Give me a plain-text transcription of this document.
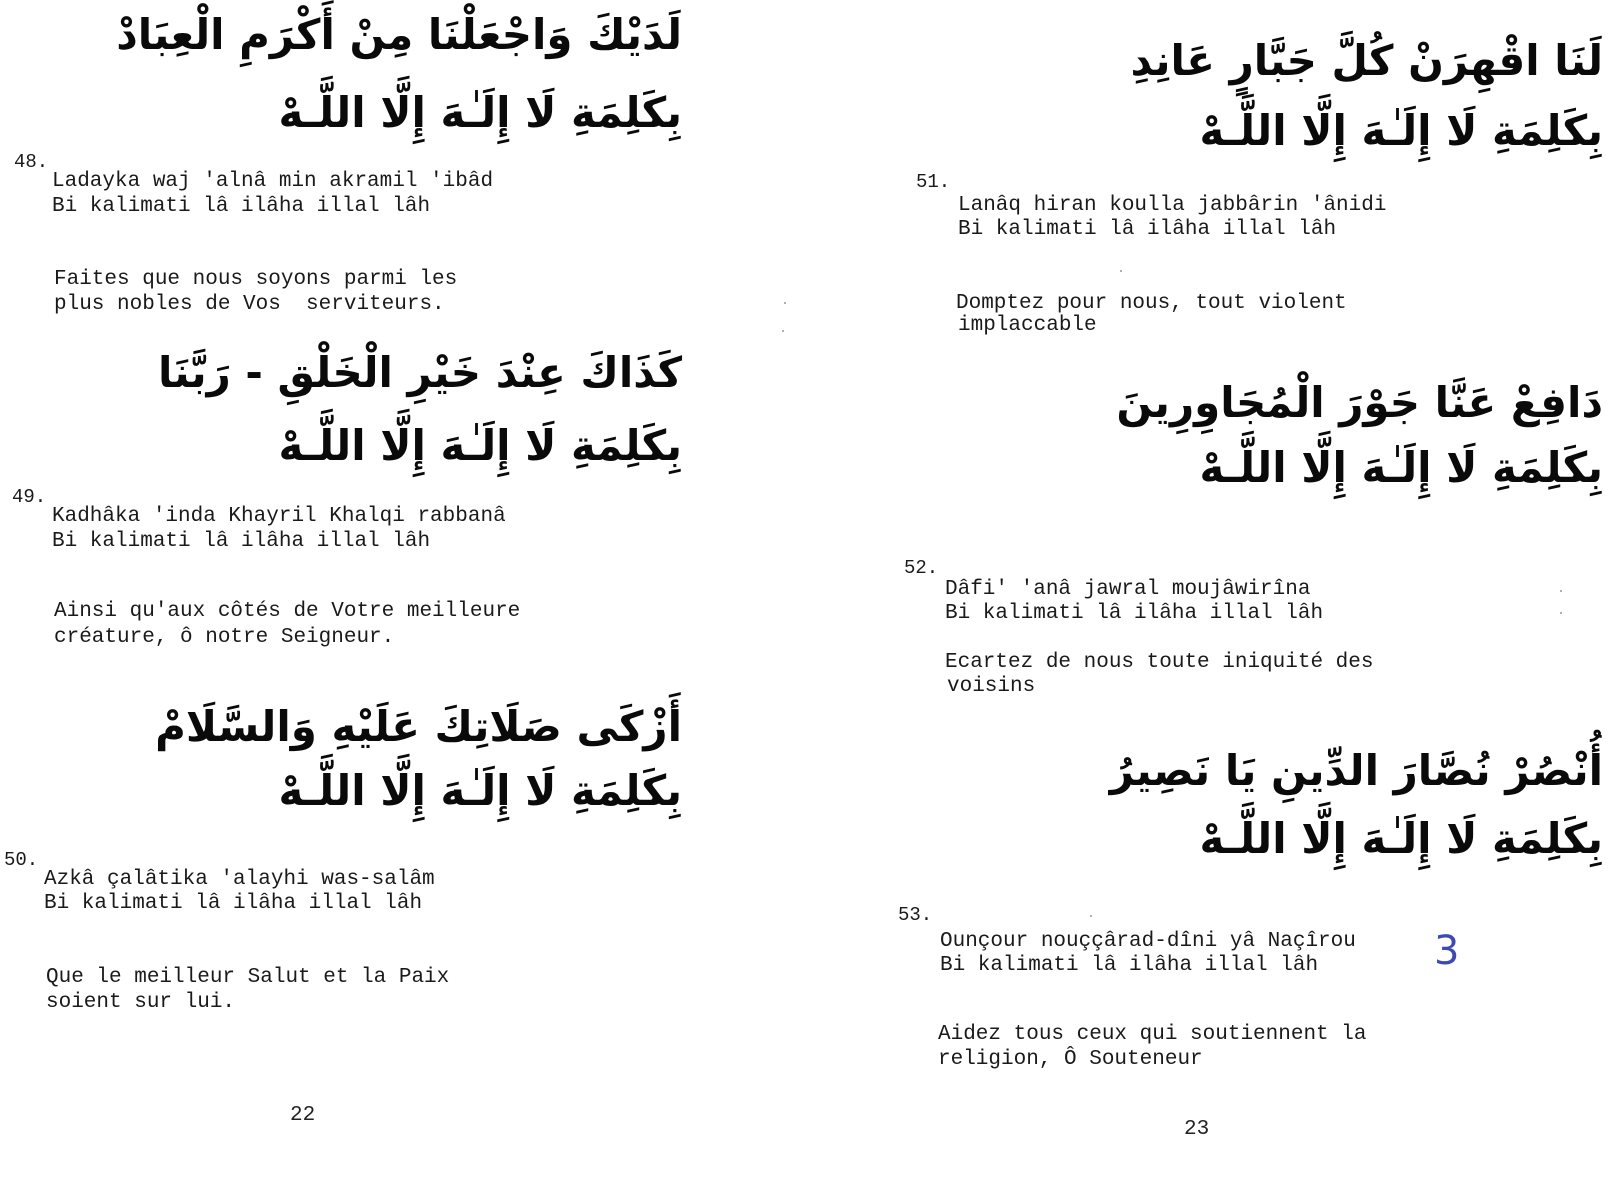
لَدَيْكَ وَاجْعَلْنَا مِنْ أَكْرَمِ الْعِبَادْ
بِكَلِمَةِ لَا إِلَـٰهَ إِلَّا اللَّـهْ
48.
Ladayka waj 'alnâ min akramil 'ibâd
Bi kalimati lâ ilâha illal lâh
Faites que nous soyons parmi les
plus nobles de Vos  serviteurs.
كَذَاكَ عِنْدَ خَيْرِ الْخَلْقِ - رَبَّنَا
بِكَلِمَةِ لَا إِلَـٰهَ إِلَّا اللَّـهْ
49.
Kadhâka 'inda Khayril Khalqi rabbanâ
Bi kalimati lâ ilâha illal lâh
Ainsi qu'aux côtés de Votre meilleure
créature, ô notre Seigneur.
أَزْكَى صَلَاتِكَ عَلَيْهِ وَالسَّلَامْ
بِكَلِمَةِ لَا إِلَـٰهَ إِلَّا اللَّـهْ
50.
Azkâ çalâtika 'alayhi was-salâm
Bi kalimati lâ ilâha illal lâh
Que le meilleur Salut et la Paix
soient sur lui.
22
لَنَا اقْهِرَنْ كُلَّ جَبَّارٍ عَانِدِ
بِكَلِمَةِ لَا إِلَـٰهَ إِلَّا اللَّـهْ
51.
Lanâq hiran koulla jabbârin 'ânidi
Bi kalimati lâ ilâha illal lâh
Domptez pour nous, tout violent
implaccable
دَافِعْ عَنَّا جَوْرَ الْمُجَاوِرِينَ
بِكَلِمَةِ لَا إِلَـٰهَ إِلَّا اللَّـهْ
52.
Dâfi' 'anâ jawral moujâwirîna
Bi kalimati lâ ilâha illal lâh
Ecartez de nous toute iniquité des
voisins
أُنْصُرْ نُصَّارَ الدِّينِ يَا نَصِيرُ
بِكَلِمَةِ لَا إِلَـٰهَ إِلَّا اللَّـهْ
53.
Ounçour nouççârad-dîni yâ Naçîrou
Bi kalimati lâ ilâha illal lâh
Aidez tous ceux qui soutiennent la
religion, Ô Souteneur
3
23
